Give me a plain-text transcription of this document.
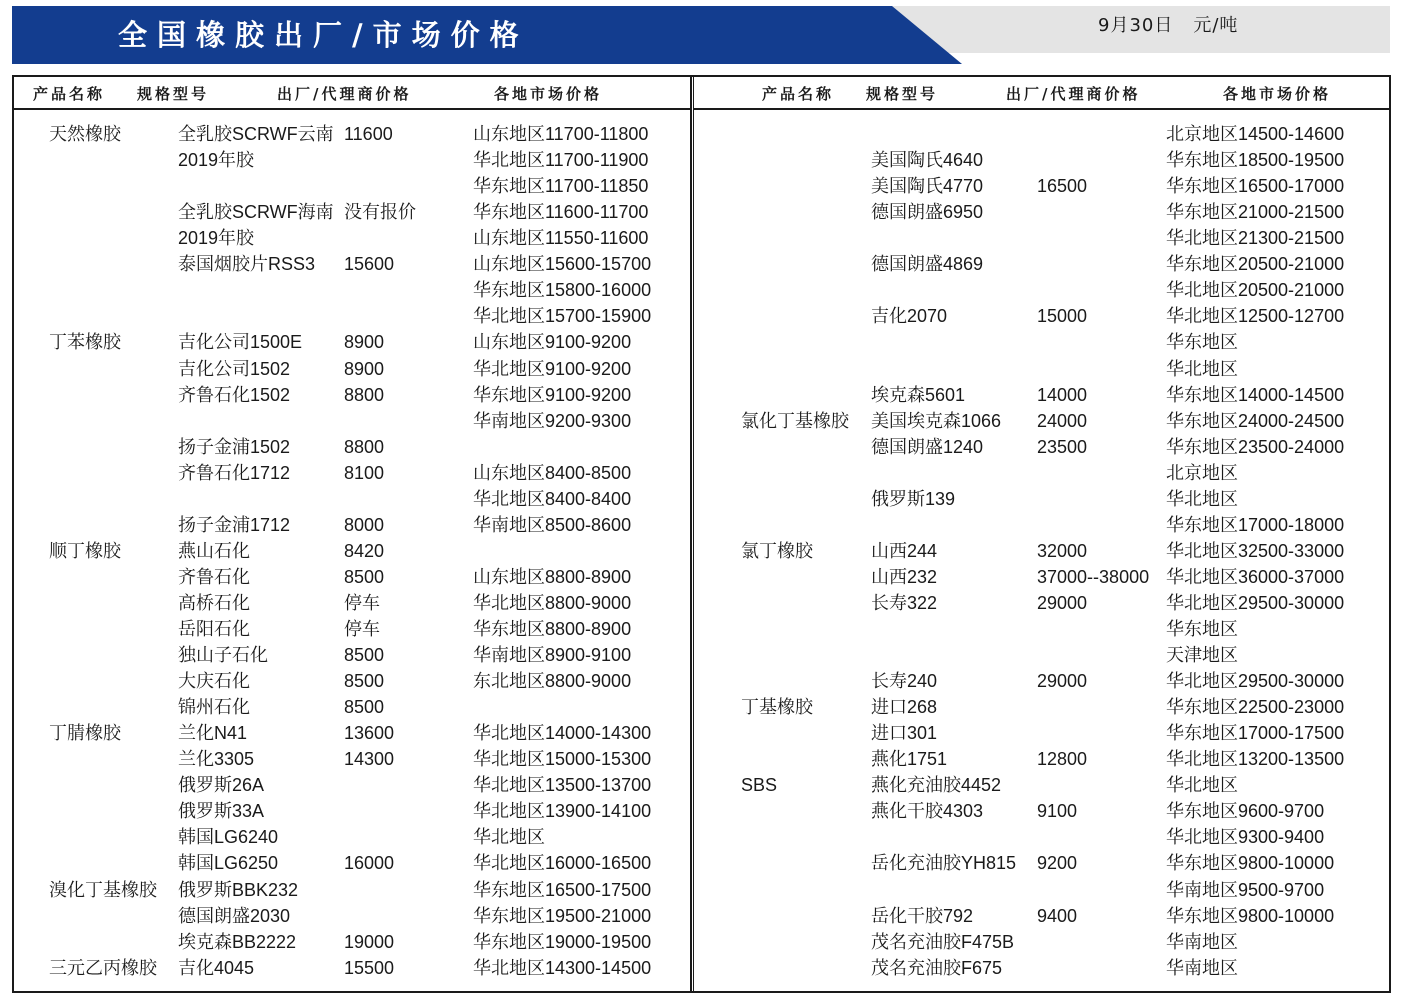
全国橡胶出厂/市场价格	9月30日 元/吨
产品名称 规格型号	出厂/代理商价格	各地市场价格	产品名称 规格型号	出厂/代理商价格	各地市场价格
天然橡胶	全乳胶SCRWF云南 11600	山东地区11700-11800
2019年胶	华北地区11700-11900
华东地区11700-11850
全乳胶SCRWF海南 没有报价	华东地区11600-11700
2019年胶	山东地区11550-11600
泰国烟胶片RSS3 15600	山东地区15600-15700
华东地区15800-16000
华北地区15700-15900
丁苯橡胶	吉化公司1500E 8900	山东地区9100-9200
吉化公司1502	8900	华北地区9100-9200
齐鲁石化1502	8800	华东地区9100-9200
华南地区9200-9300
扬子金浦1502	8800
齐鲁石化1712	8100	山东地区8400-8500
华北地区8400-8400
扬子金浦1712	8000	华南地区8500-8600
顺丁橡胶	燕山石化	8420
齐鲁石化	8500	山东地区8800-8900
高桥石化	停车	华北地区8800-9000
岳阳石化	停车	华东地区8800-8900
独山子石化	8500	华南地区8900-9100
大庆石化	8500	东北地区8800-9000
锦州石化	8500
丁腈橡胶	兰化N41	13600	华北地区14000-14300
兰化3305	14300	华北地区15000-15300
俄罗斯26A	华北地区13500-13700
俄罗斯33A	华北地区13900-14100
韩国LG6240	华北地区
韩国LG6250	16000	华北地区16000-16500
溴化丁基橡胶 俄罗斯BBK232	华东地区16500-17500
德国朗盛2030	华东地区19500-21000
埃克森BB2222	19000	华东地区19000-19500
三元乙丙橡胶 吉化4045	15500	华北地区14300-14500
北京地区14500-14600
美国陶氏4640	华东地区18500-19500
美国陶氏4770	16500	华东地区16500-17000
德国朗盛6950	华东地区21000-21500
华北地区21300-21500
德国朗盛4869	华东地区20500-21000
华北地区20500-21000
吉化2070	15000	华北地区12500-12700
华东地区
华北地区
埃克森5601	14000	华东地区14000-14500
氯化丁基橡胶 美国埃克森1066 24000	华东地区24000-24500
德国朗盛1240	23500	华东地区23500-24000
北京地区
俄罗斯139	华北地区
华东地区17000-18000
氯丁橡胶	山西244	32000	华北地区32500-33000
山西232	37000--38000 华北地区36000-37000
长寿322	29000	华北地区29500-30000
华东地区
天津地区
长寿240	29000	华北地区29500-30000
丁基橡胶	进口268	华东地区22500-23000
进口301	华东地区17000-17500
燕化1751	12800	华北地区13200-13500
SBS	燕化充油胶4452	华北地区
燕化干胶4303	9100	华东地区9600-9700
华北地区9300-9400
岳化充油胶YH815 9200	华东地区9800-10000
华南地区9500-9700
岳化干胶792	9400	华东地区9800-10000
茂名充油胶F475B	华南地区
茂名充油胶F675	华南地区
